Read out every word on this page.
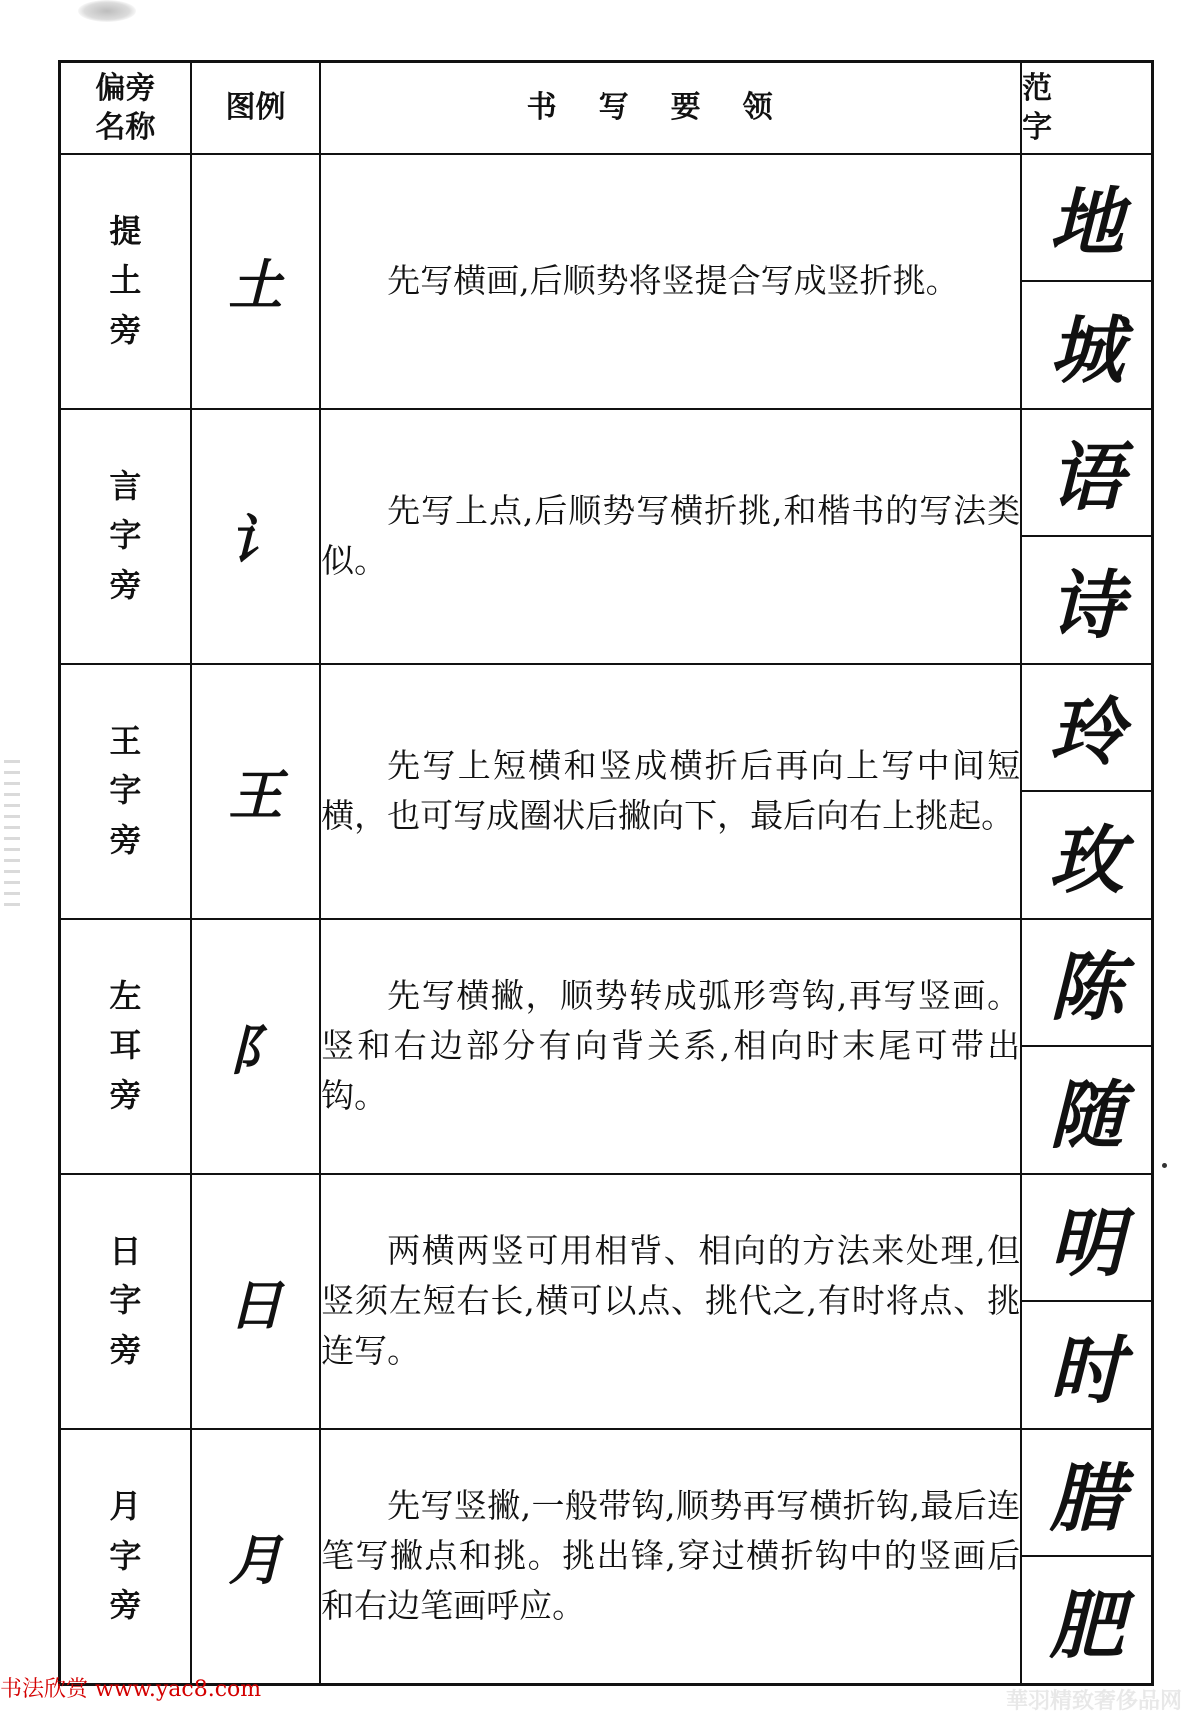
偏旁
名称	图例	书写要领	范字

提
土
旁	土	先写横画,后顺势将竖提合写成竖折挑。	地
			城

言
字
旁	讠	先写上点,后顺势写横折挑,和楷书的写法类似。	语
			诗

王
字
旁	王	先写上短横和竖成横折后再向上写中间短横，也可写成圈状后撇向下，最后向右上挑起。	玲
			玫

左
耳
旁	阝	先写横撇，顺势转成弧形弯钩,再写竖画。竖和右边部分有向背关系,相向时末尾可带出钩。	陈
			随

日
字
旁	日	两横两竖可用相背、相向的方法来处理,但竖须左短右长,横可以点、挑代之,有时将点、挑连写。	明
			时

月
字
旁	月	先写竖撇,一般带钩,顺势再写横折钩,最后连笔写撇点和挑。挑出锋,穿过横折钩中的竖画后和右边笔画呼应。	腊
			肥
书法欣赏 www.yac8.com	華羽精致奢侈品网
